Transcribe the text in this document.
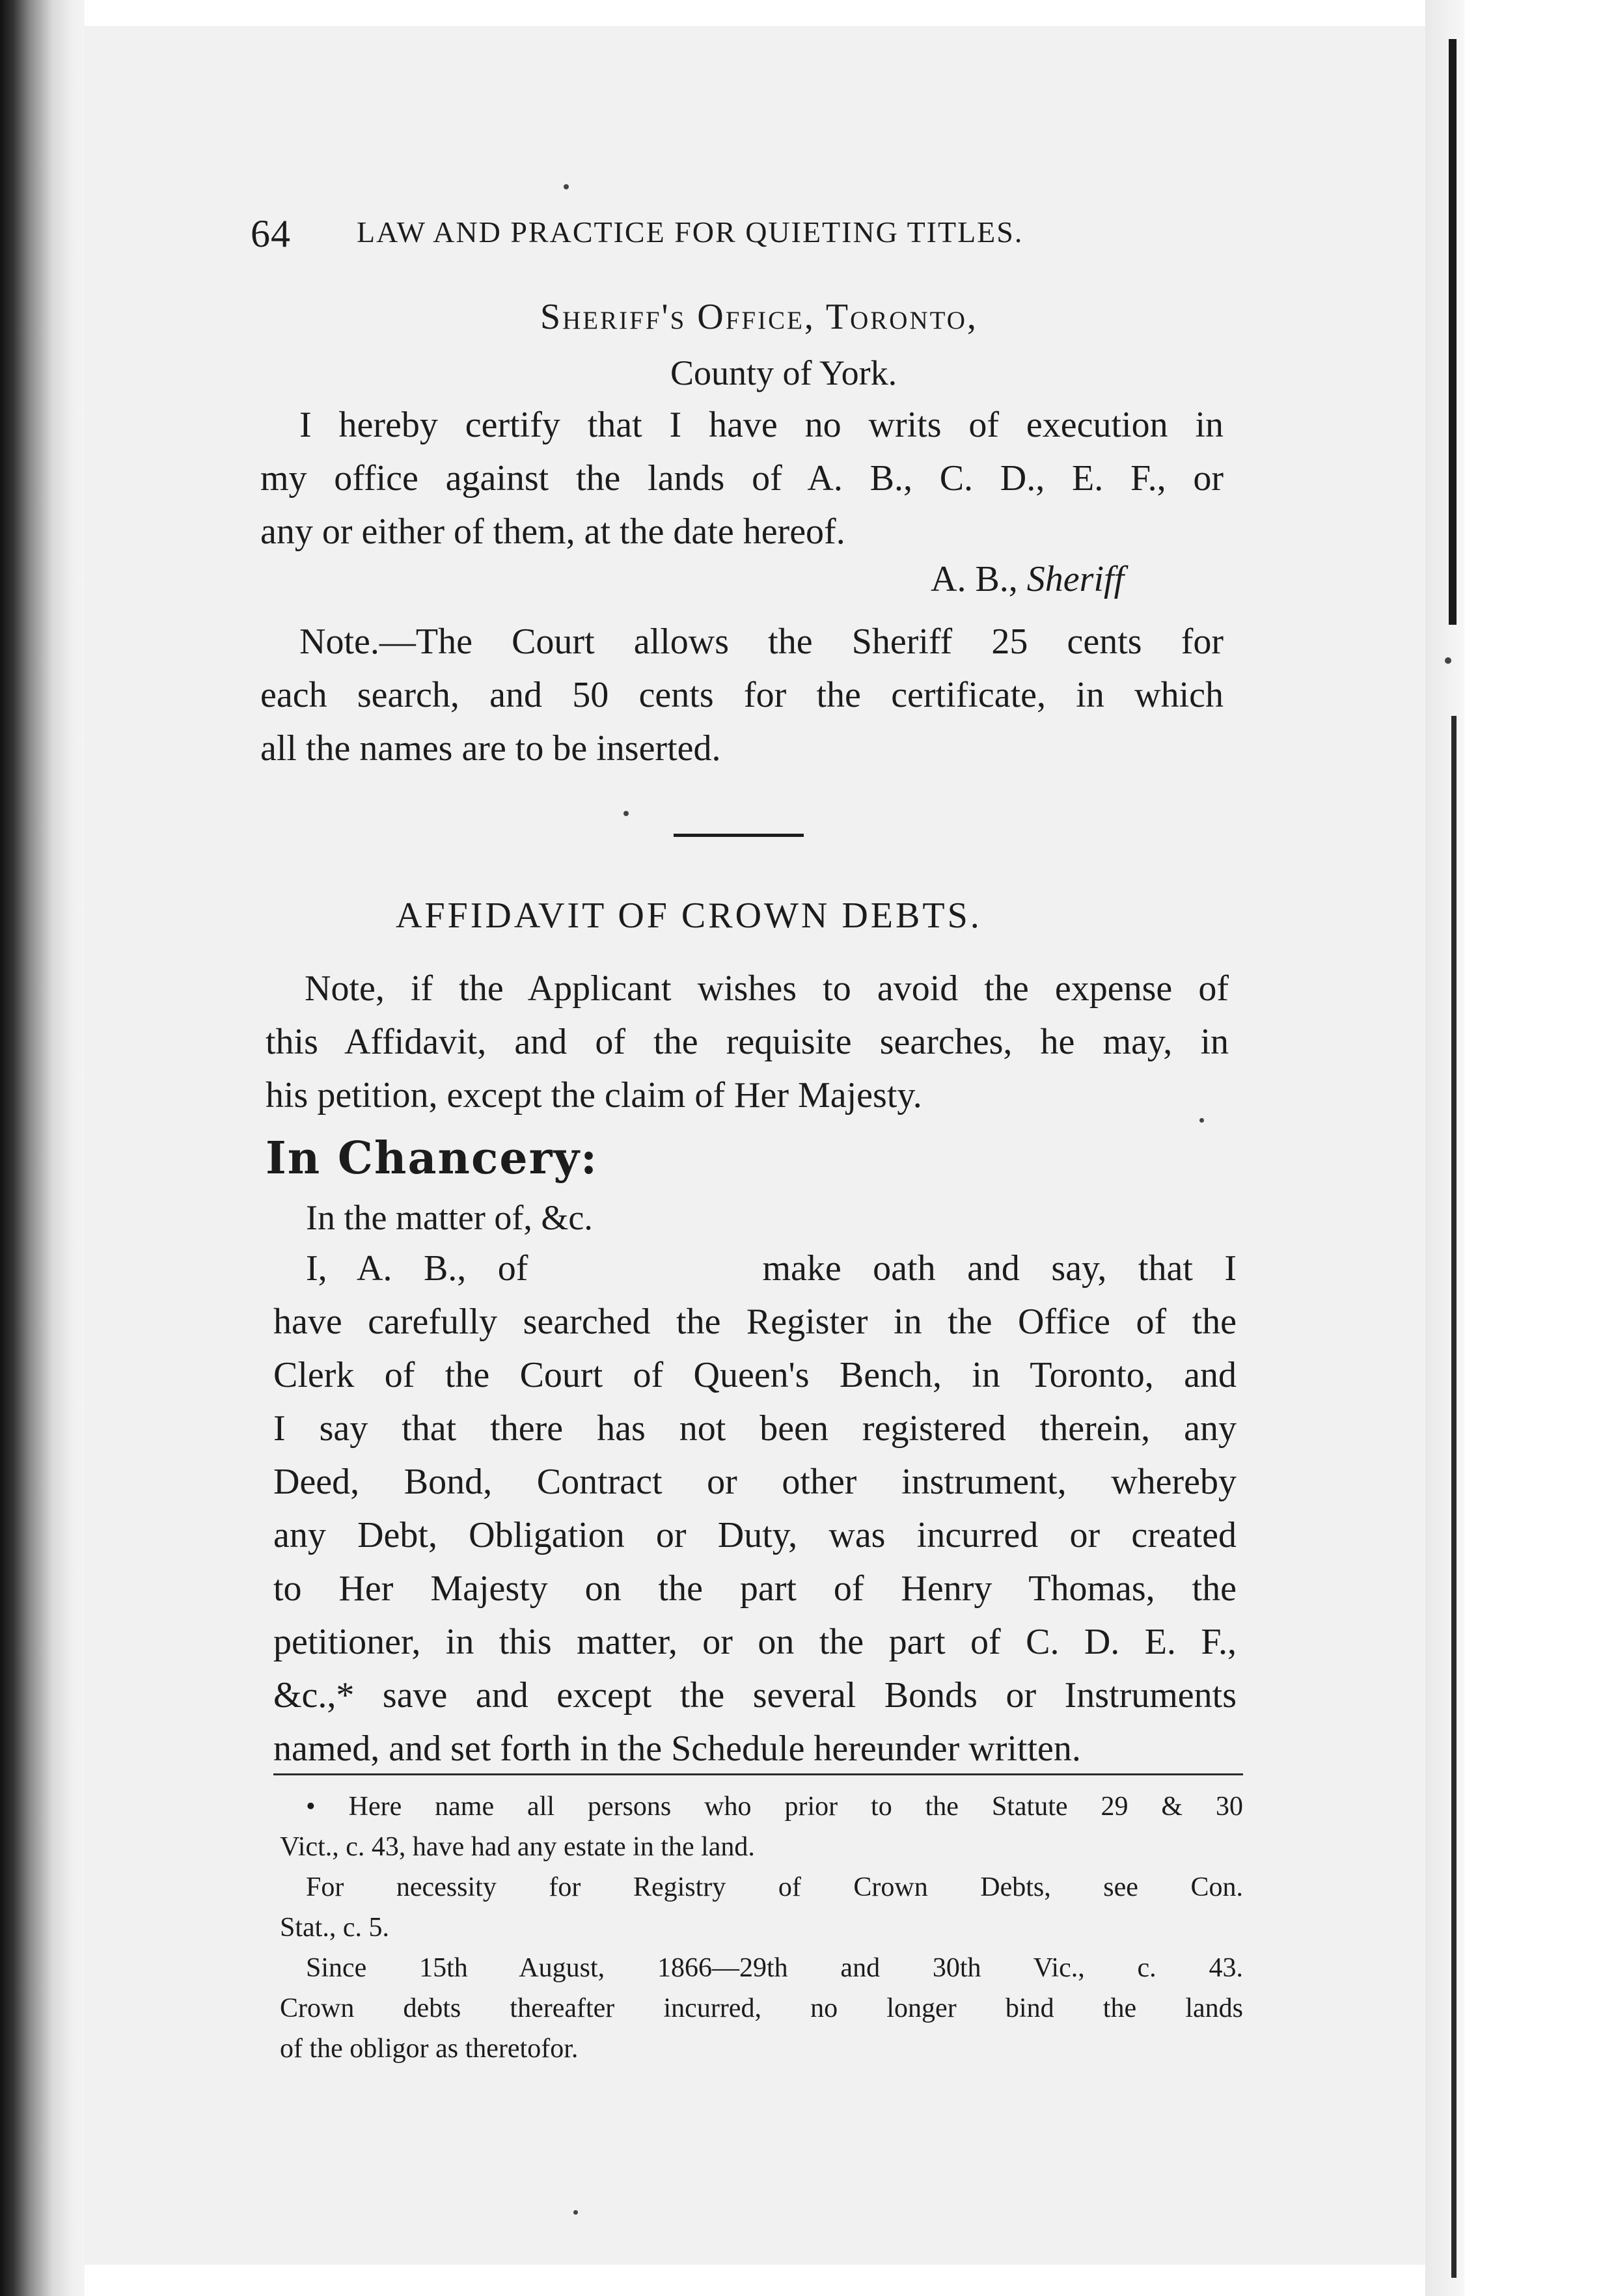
64 LAW AND PRACTICE FOR QUIETING TITLES.
Sheriff's Office, Toronto,
County of York.
I hereby certify that I have no writs of execution in
my office against the lands of A. B., C. D., E. F., or
any or either of them, at the date hereof.
A. B., Sheriff
Note.—The Court allows the Sheriff 25 cents for
each search, and 50 cents for the certificate, in which
all the names are to be inserted.
AFFIDAVIT OF CROWN DEBTS.
Note, if the Applicant wishes to avoid the expense of
this Affidavit, and of the requisite searches, he may, in
his petition, except the claim of Her Majesty.
In Chancery:
In the matter of, &c.
I, A. B., of	make oath and say, that I
have carefully searched the Register in the Office of the
Clerk of the Court of Queen's Bench, in Toronto, and
I say that there has not been registered therein, any
Deed, Bond, Contract or other instrument, whereby
any Debt, Obligation or Duty, was incurred or created
to Her Majesty on the part of Henry Thomas, the
petitioner, in this matter, or on the part of C. D. E. F.,
&c.,* save and except the several Bonds or Instruments
named, and set forth in the Schedule hereunder written.
• Here name all persons who prior to the Statute 29 & 30
Vict., c. 43, have had any estate in the land.
For necessity for Registry of Crown Debts, see Con.
Stat., c. 5.
Since 15th August, 1866—29th and 30th Vic., c. 43.
Crown debts thereafter incurred, no longer bind the lands
of the obligor as theretofor.
